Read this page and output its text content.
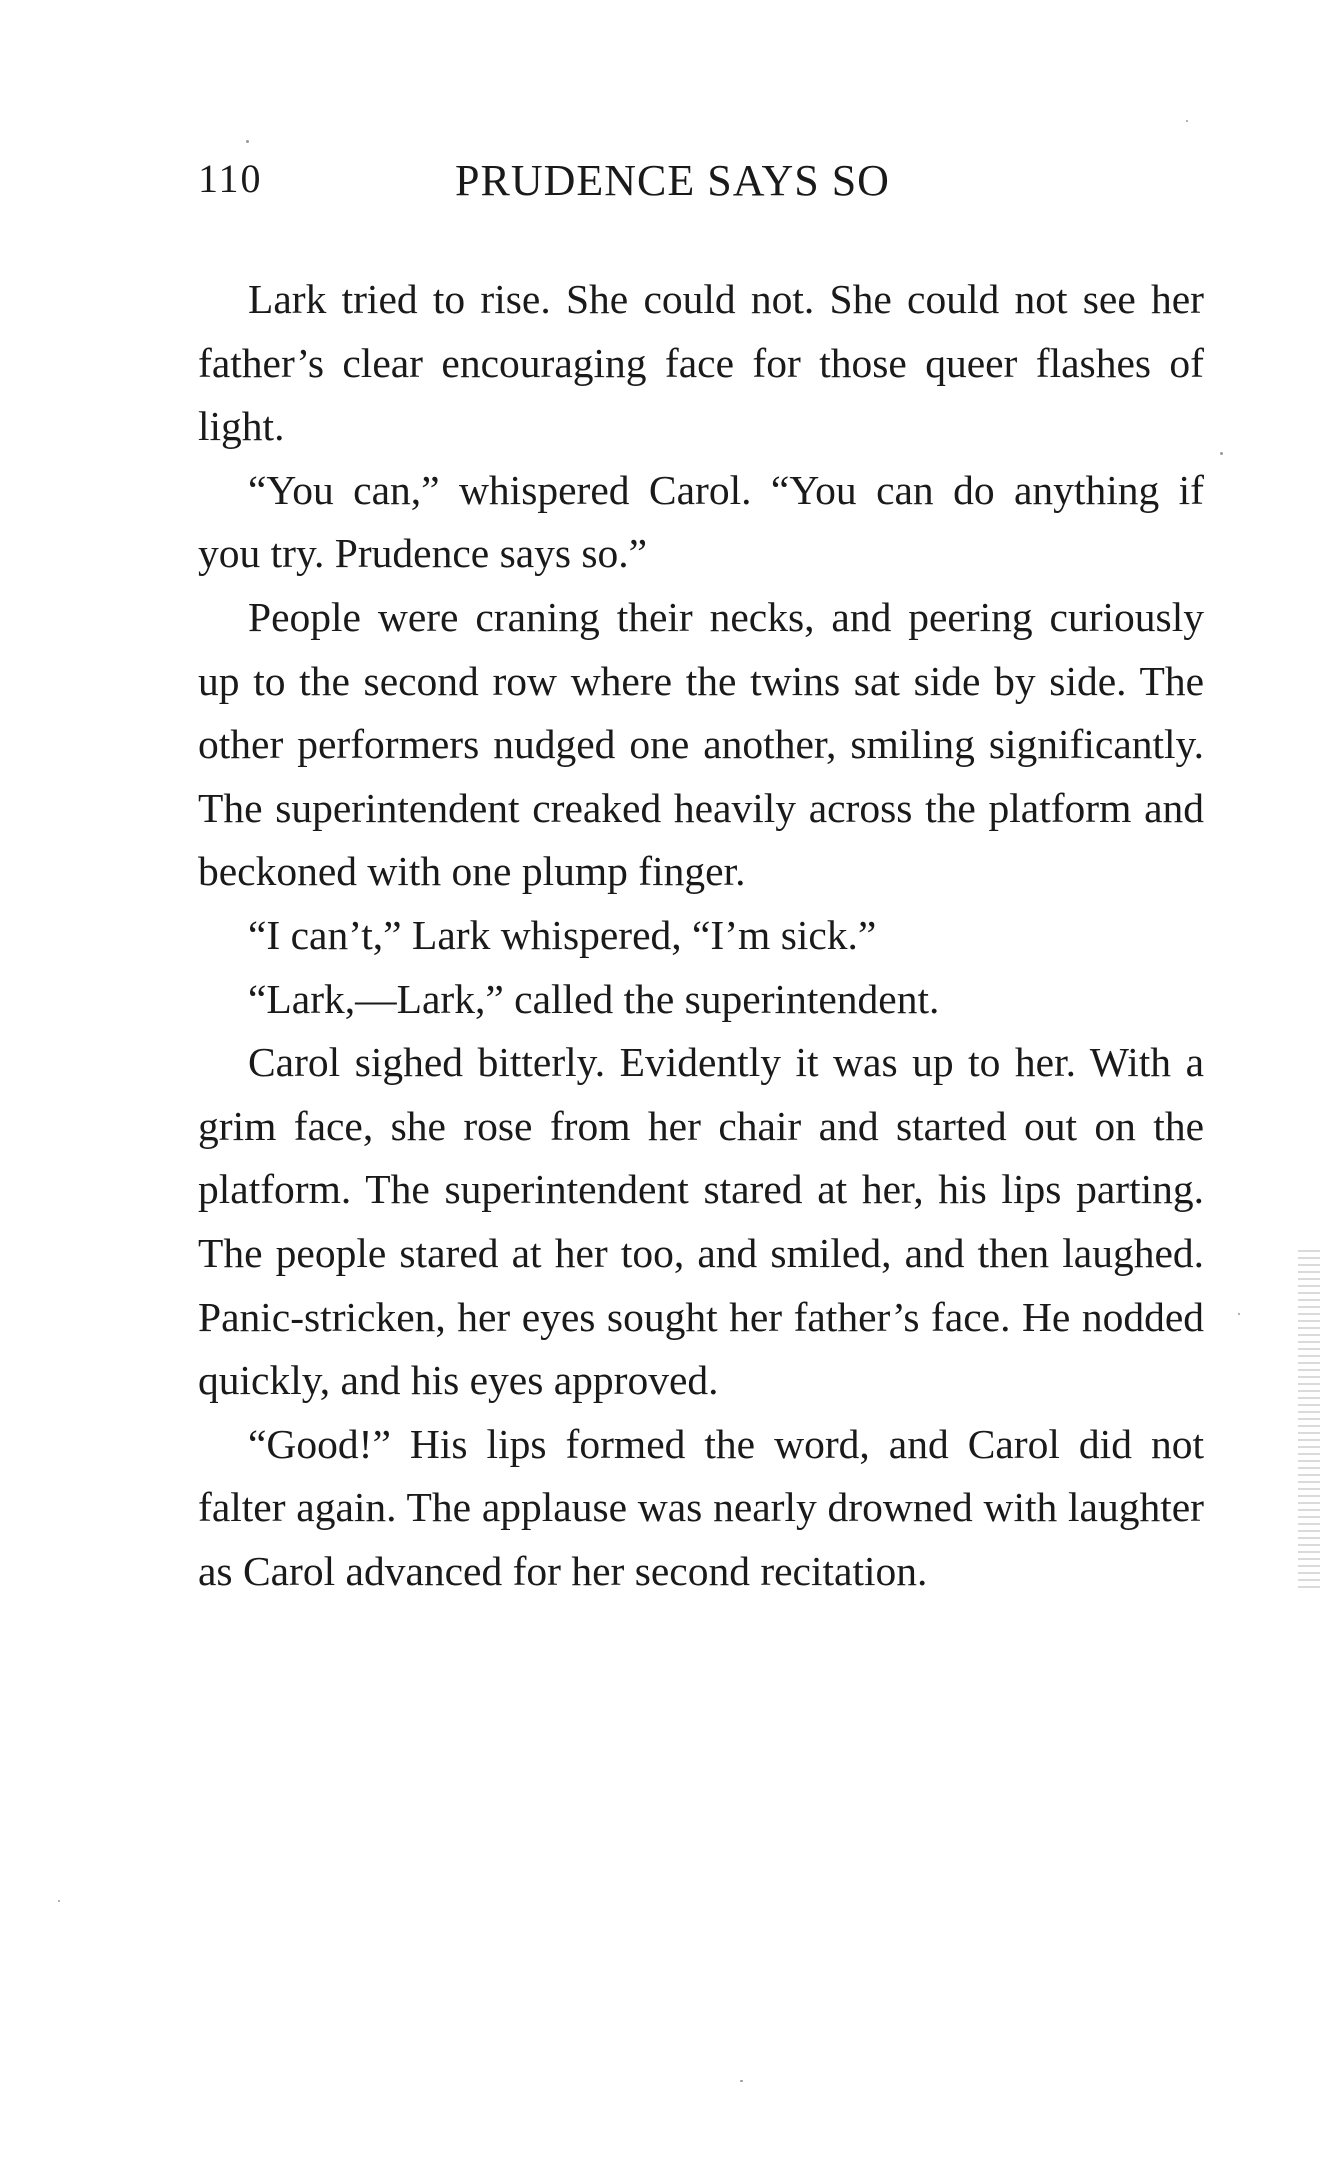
110	PRUDENCE SAYS SO

Lark tried to rise. She could not. She could not see her father’s clear encouraging face for those queer flashes of light.

“You can,” whispered Carol. “You can do anything if you try. Prudence says so.”

People were craning their necks, and peering curiously up to the second row where the twins sat side by side. The other performers nudged one another, smiling significantly. The superintendent creaked heavily across the platform and beckoned with one plump finger.

“I can’t,” Lark whispered, “I’m sick.”

“Lark,—Lark,” called the superintendent.

Carol sighed bitterly. Evidently it was up to her. With a grim face, she rose from her chair and started out on the platform. The superintendent stared at her, his lips parting. The people stared at her too, and smiled, and then laughed. Panic-stricken, her eyes sought her father’s face. He nodded quickly, and his eyes approved.

“Good!” His lips formed the word, and Carol did not falter again. The applause was nearly drowned with laughter as Carol advanced for her second recitation.
